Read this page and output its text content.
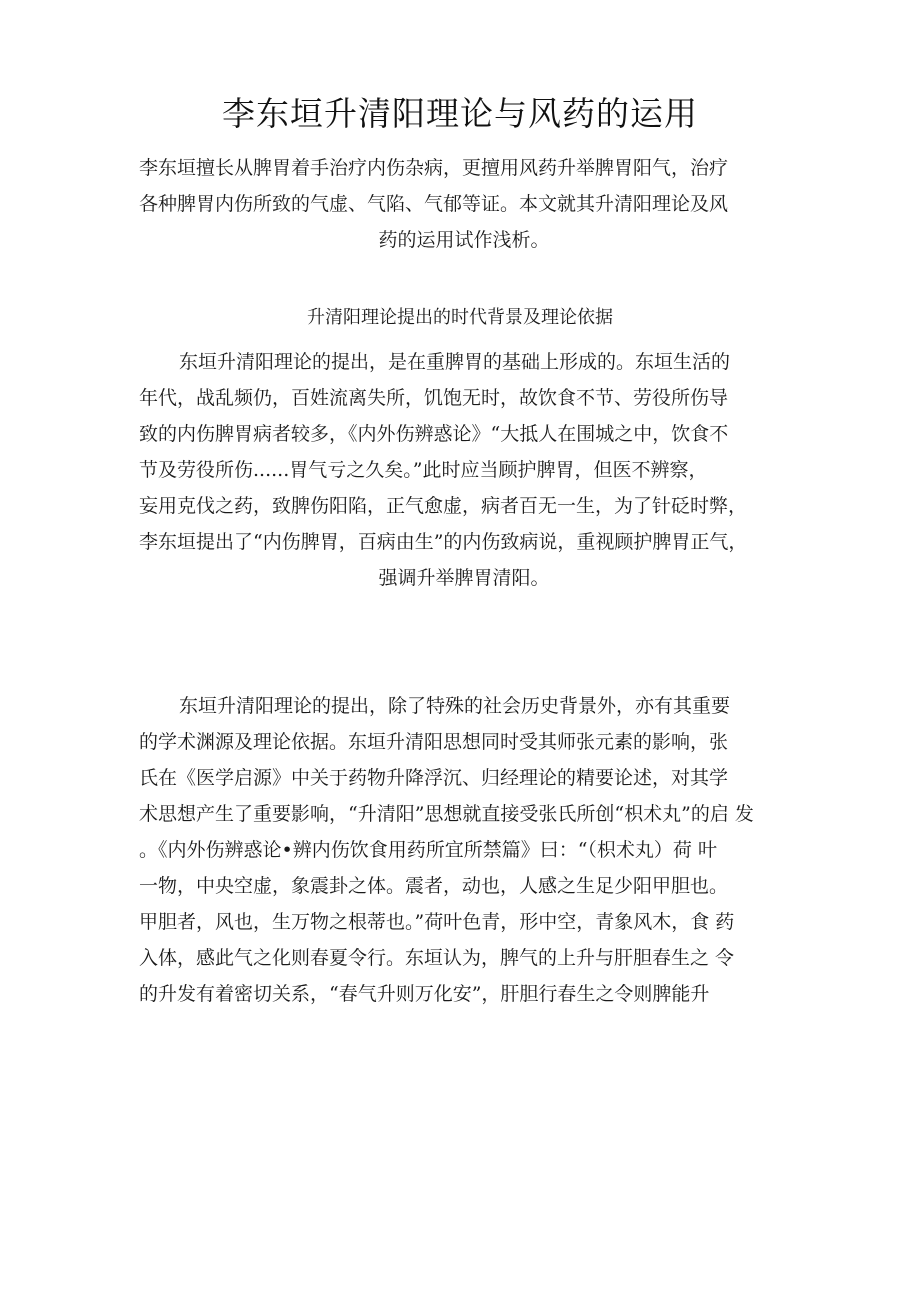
李东垣升清阳理论与风药的运用
李东垣擅长从脾胃着手治疗内伤杂病，更擅用风药升举脾胃阳气，治疗
各种脾胃内伤所致的气虚、气陷、气郁等证。本文就其升清阳理论及风
药的运用试作浅析。
升清阳理论提出的时代背景及理论依据
东垣升清阳理论的提出，是在重脾胃的基础上形成的。东垣生活的
年代，战乱频仍，百姓流离失所，饥饱无时，故饮食不节、劳役所伤导
致的内伤脾胃病者较多，《内外伤辨惑论》“大抵人在围城之中，饮食不
节及劳役所伤......胃气亏之久矣。”此时应当顾护脾胃，但医不辨察，
妄用克伐之药，致脾伤阳陷，正气愈虚，病者百无一生，为了针砭时弊，
李东垣提出了“内伤脾胃，百病由生”的内伤致病说，重视顾护脾胃正气，
强调升举脾胃清阳。
东垣升清阳理论的提出，除了特殊的社会历史背景外，亦有其重要
的学术渊源及理论依据。东垣升清阳思想同时受其师张元素的影响，张
氏在《医学启源》中关于药物升降浮沉、归经理论的精要论述，对其学
术思想产生了重要影响，“升清阳”思想就直接受张氏所创“枳术丸”的启 发
。《内外伤辨惑论•辨内伤饮食用药所宜所禁篇》曰：“（枳术丸）荷 叶
一物，中央空虚，象震卦之体。震者，动也，人感之生足少阳甲胆也。
甲胆者，风也，生万物之根蒂也。”荷叶色青，形中空，青象风木，食 药
入体，感此气之化则春夏令行。东垣认为，脾气的上升与肝胆春生之 令
的升发有着密切关系，“春气升则万化安”，肝胆行春生之令则脾能升
